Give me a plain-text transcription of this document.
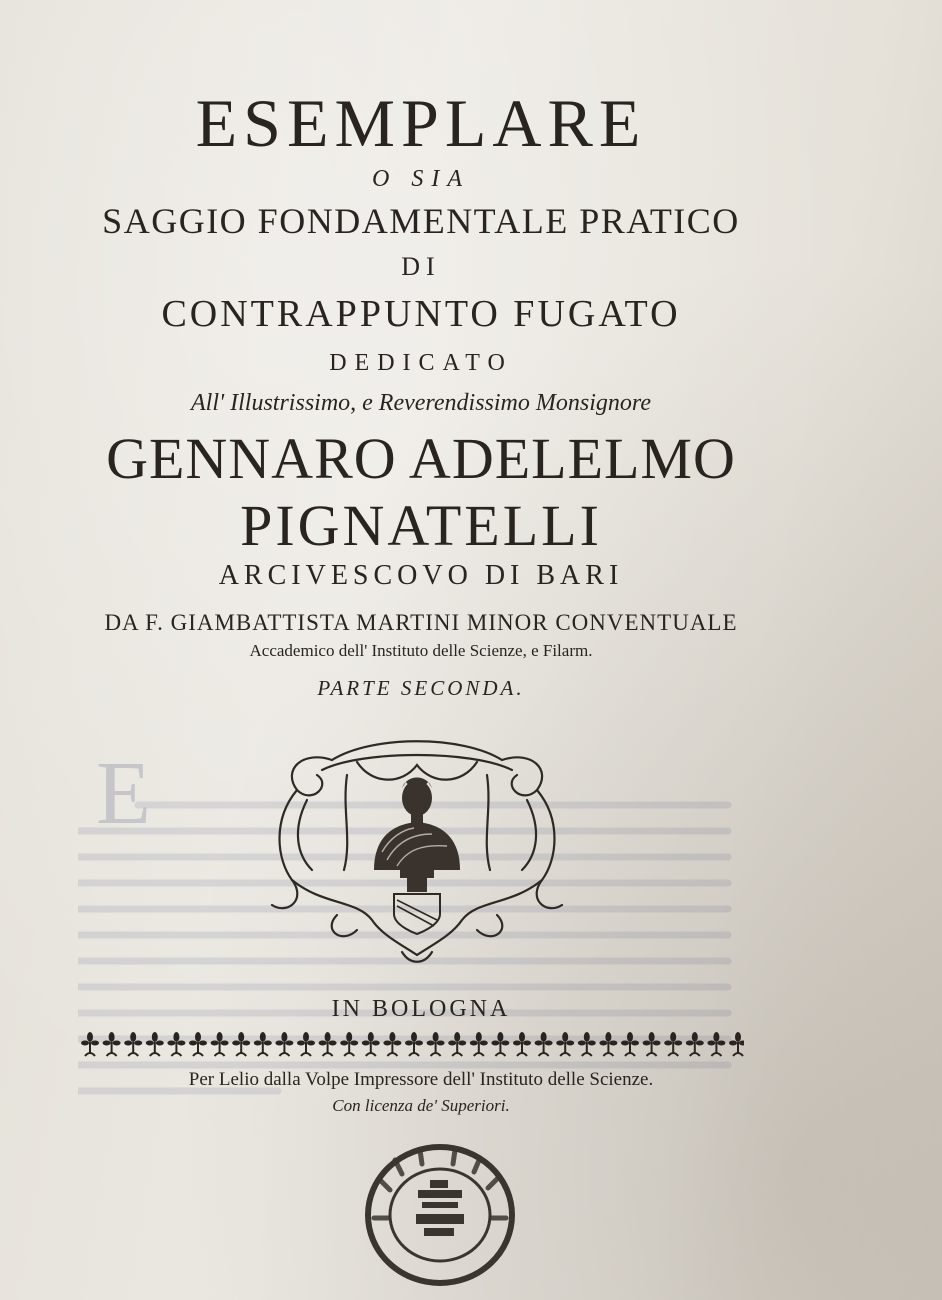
E
ESEMPLARE
O SIA
SAGGIO FONDAMENTALE PRATICO
DI
CONTRAPPUNTO FUGATO
DEDICATO
All' Illustrissimo, e Reverendissimo Monsignore
GENNARO ADELELMO
PIGNATELLI
ARCIVESCOVO DI BARI
DA F. GIAMBATTISTA MARTINI MINOR CONVENTUALE
Accademico dell' Instituto delle Scienze, e Filarm.
PARTE SECONDA.
IN BOLOGNA
Per Lelio dalla Volpe Impressore dell' Instituto delle Scienze.
Con licenza de' Superiori.
